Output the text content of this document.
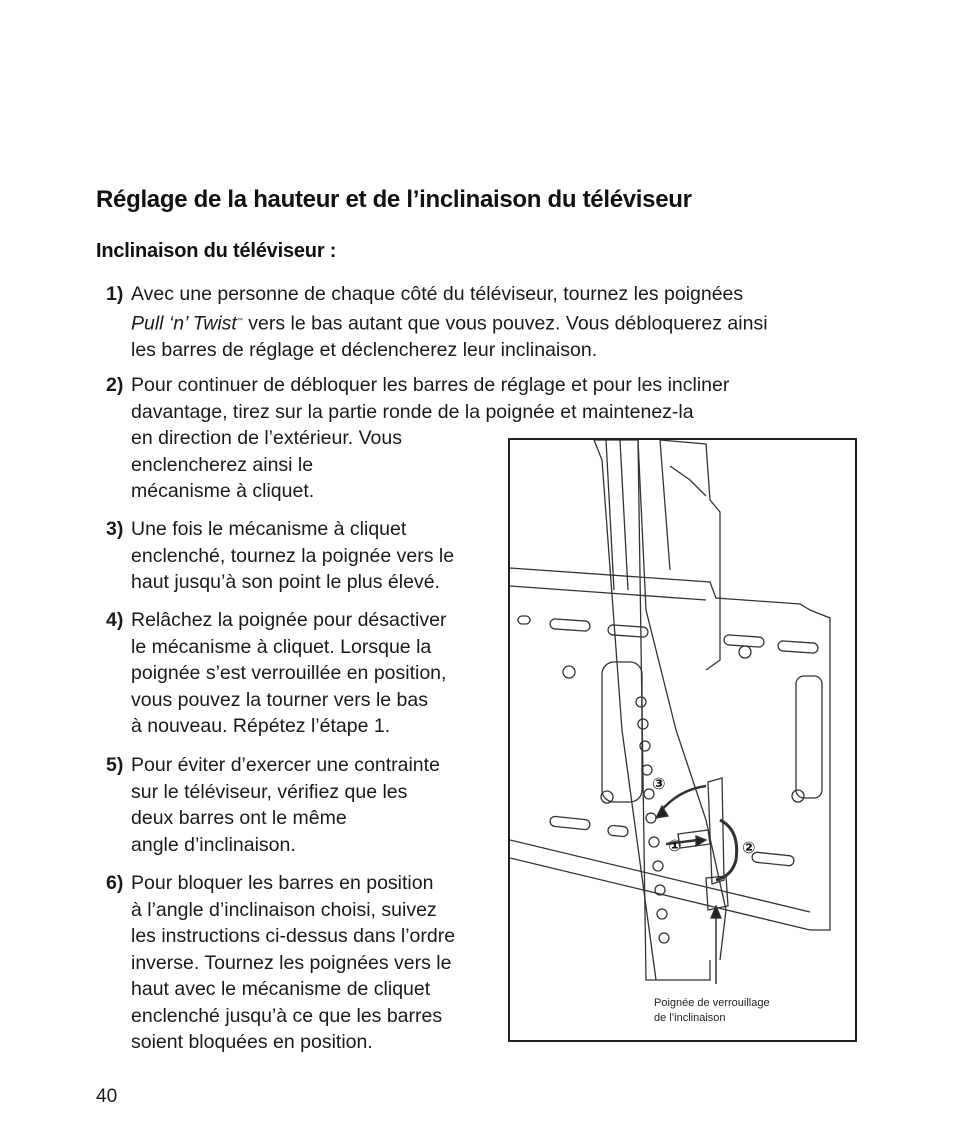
Réglage de la hauteur et de l’inclinaison du téléviseur
Inclinaison du téléviseur :
1) Avec une personne de chaque côté du téléviseur, tournez les poignées
Pull ‘n’ Twist™ vers le bas autant que vous pouvez. Vous débloquerez ainsi
les barres de réglage et déclencherez leur inclinaison.
2) Pour continuer de débloquer les barres de réglage et pour les incliner
davantage, tirez sur la partie ronde de la poignée et maintenez-la
en direction de l’extérieur. Vous
enclencherez ainsi le
mécanisme à cliquet.
3) Une fois le mécanisme à cliquet
enclenché, tournez la poignée vers le
haut jusqu’à son point le plus élevé.
4) Relâchez la poignée pour désactiver
le mécanisme à cliquet. Lorsque la
poignée s’est verrouillée en position,
vous pouvez la tourner vers le bas
à nouveau. Répétez l’étape 1.
5) Pour éviter d’exercer une contrainte
sur le téléviseur, vérifiez que les
deux barres ont le même
angle d’inclinaison.
6) Pour bloquer les barres en position
à l’angle d’inclinaison choisi, suivez
les instructions ci-dessus dans l’ordre
inverse. Tournez les poignées vers le
haut avec le mécanisme de cliquet
enclenché jusqu’à ce que les barres
soient bloquées en position.
③
①	②
Poignée de verrouillage
de l’inclinaison
40
